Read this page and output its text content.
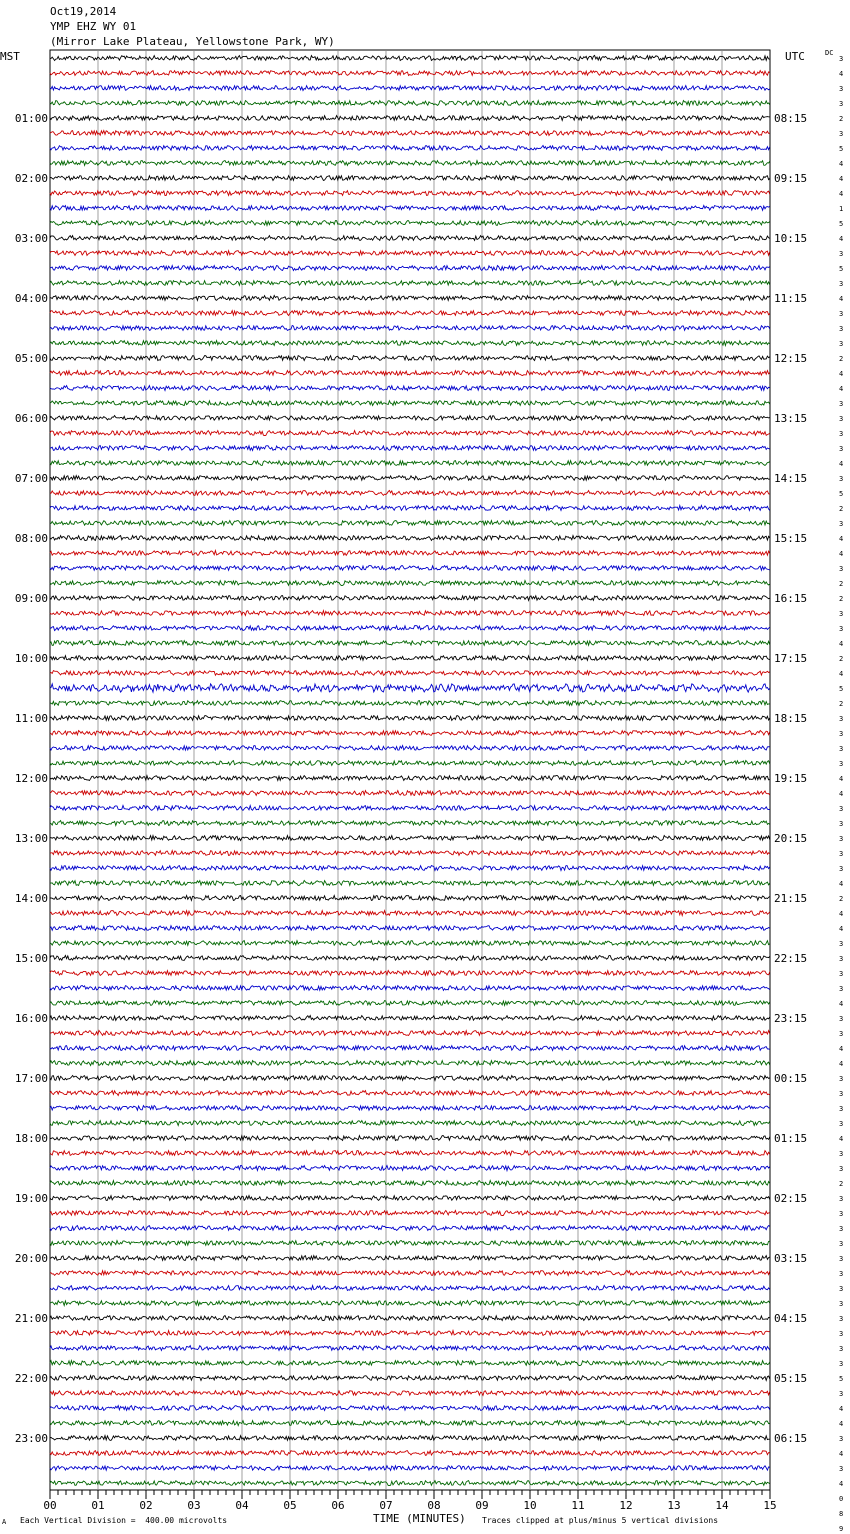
Oct19,2014
YMP EHZ WY 01
(Mirror Lake Plateau, Yellowstone Park, WY)
MST	UTC	DC
01:00
02:00
03:00
04:00
05:00
06:00
07:00
08:00
09:00
10:00
11:00
12:00
13:00
14:00
15:00
16:00
17:00
18:00
19:00
20:00
21:00
22:00
23:00
08:15
09:15
10:15
11:15
12:15
13:15
14:15
15:15
16:15
17:15
18:15
19:15
20:15
21:15
22:15
23:15
00:15
01:15
02:15
03:15
04:15
05:15
06:15
3
4
3
3
2
3
5
4
4
4
1
5
4
3
5
3
4
3
3
3
2
4
4
3
3
3
3
4
3
5
2
3
4
4
3
2
2
3
3
4
2
4
5
2
3
3
3
3
4
4
3
3
3
3
3
4
2
4
4
3
3
3
3
4
3
3
4
4
3
3
3
3
4
3
3
2
3
3
3
3
3
3
3
3
3
3
3
3
5
3
4
4
3
4
3
4
0
8
9
00	01	02	03	04	05	06	07	08	09	10	11	12	13	14	15
TIME (MINUTES)
A Each Vertical Division =  400.00 microvolts	Traces clipped at plus/minus 5 vertical divisions
